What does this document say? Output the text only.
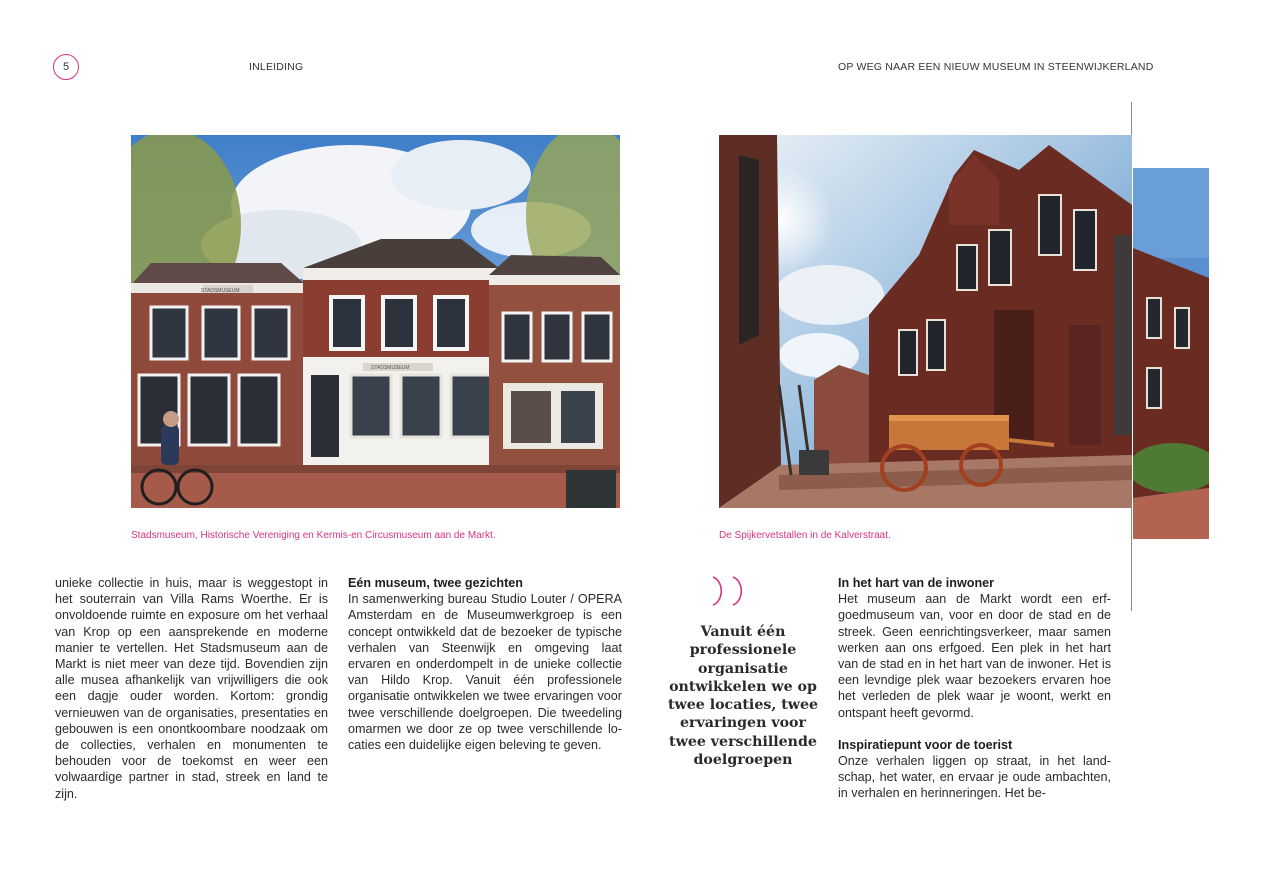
5	INLEIDING	OP WEG NAAR EEN NIEUW MUSEUM IN STEENWIJKERLAND
STADSMUSEUM
STADSMUSEUM
Stadsmuseum, Historische Vereniging en Kermis-en Circusmuseum aan de Markt.	De Spijkervetstallen in de Kalverstraat.

unieke collectie in huis, maar is weggestopt in het souterrain van Villa Rams Woerthe. Er is onvoldoende ruimte en exposure om het verhaal van Krop op een aansprekende en moderne manier te vertellen. Het Stadsmuseum aan de Markt is niet meer van deze tijd. Bovendien zijn alle musea afhankelijk van vrijwilligers die ook een dagje ouder worden. Kortom: grondig vernieuwen van de organisaties, presentaties en gebouwen is een onontkoombare noodzaak om de collecties, verhalen en monumenten te behouden voor de toekomst en weer een volwaardige partner in stad, streek en land te zijn.

Eén museum, twee gezichten

In samenwerking bureau Studio Louter / OPERA Amsterdam en de Museumwerkgroep is een concept ontwikkeld dat de bezoeker de typische verhalen van Steenwijk en omgeving laat ervaren en onderdompelt in de unieke collectie van Hildo Krop. Vanuit één professionele organisatie ontwikkelen we twee ervaringen voor twee verschillende doelgroepen. Die tweedeling omarmen we door ze op twee verschillende locaties een duidelijke eigen beleving te geven.

Vanuit één professionele organisatie ontwikkelen we op twee locaties, twee ervaringen voor twee verschillende doelgroepen
In het hart van de inwoner

Het museum aan de Markt wordt een erfgoedmuseum van, voor en door de stad en de streek. Geen eenrichtingsverkeer, maar samen werken aan ons erfgoed. Een plek in het hart van de stad en in het hart van de inwoner. Het is een levndige plek waar bezoekers ervaren hoe het verleden de plek waar je woont, werkt en ontspant heeft gevormd.

Inspiratiepunt voor de toerist

Onze verhalen liggen op straat, in het landschap, het water, en ervaar je oude ambachten, in verhalen en herinneringen. Het be-
